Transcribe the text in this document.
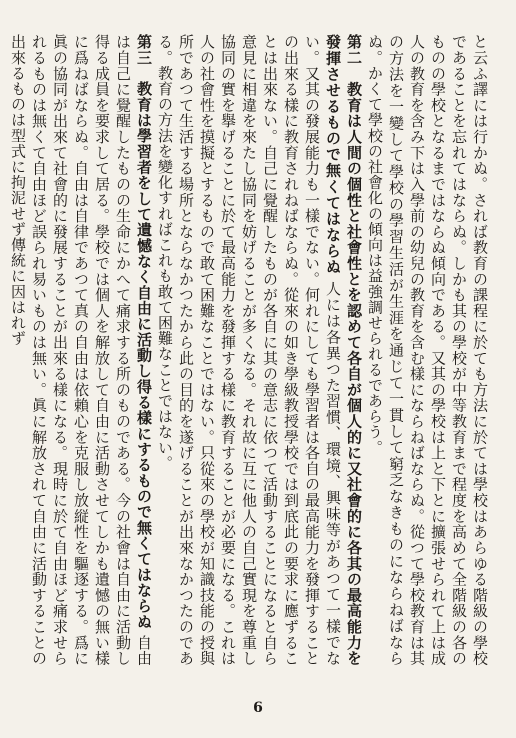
と云ふ譯には行かぬ。されば教育の課程に於ても方法に於ては學校はあらゆる階級の學校であることを忘れてはならぬ。しかも其の學校が中等教育まで程度を高めて全階級の各のものの學校となるまではならぬ傾向である。又其の學校は上と下とに擴張せられて上は成人の教育を含み下は入學前の幼兒の教育を含む樣にならねばならぬ。從つて學校教育は其の方法を一變して學校の學習生活が生涯を通じて一貫して窮乏なきものにならねばならぬ。かくて學校の社會化の傾向は益強調せられるであらう。

第二　教育は人間の個性と社會性とを認めて各自が個人的に又社會的に各其の最高能力を發揮させるもので無くてはならぬ 人には各異つた習慣、環境、興味等があつて一樣でない。又其の發展能力も一樣でない。何れにしても學習者は各自の最高能力を發揮することの出來る樣に教育されねばならぬ。從來の如き學級教授學校では到底此の要求に應ずることは出來ない。自己に覺醒したものが各自に其の意志に依つて活動することになると自ら意見に相違を來たし協同を妨げることが多くなる。それ故に互に他人の自己實現を尊重し協同の實を擧げることに於て最高能力を發揮する樣に教育することが必要になる。これは人の社會性を摸擬とするもので敢て困難なことではない。只從來の學校が知識技能の授與所であつて生活する場所とならなかつたから此の目的を遂げることが出來なかつたのである。教育の方法を變化すればこれも敢て困難なことではない。

第三　教育は學習者をして遺憾なく自由に活動し得る樣にするもので無くてはならぬ 自由は自己に覺醒したものの生命にかへて痛求する所のものである。今の社會は自由に活動し得る成員を要求して居る。學校では個人を解放して自由に活動させてしかも遺憾の無い樣に爲ねばならぬ。自由は自律であつて真の自由は依賴心を克服し放縦性を驅逐する。爲に眞の協同が出來て社會的に發展することが出來る樣になる。現時に於て自由ほど痛求せられるものは無くて自由ほど誤られ易いものは無い。眞に解放されて自由に活動することの出來るものは型式に拘泥せず傳統に因はれず

6
